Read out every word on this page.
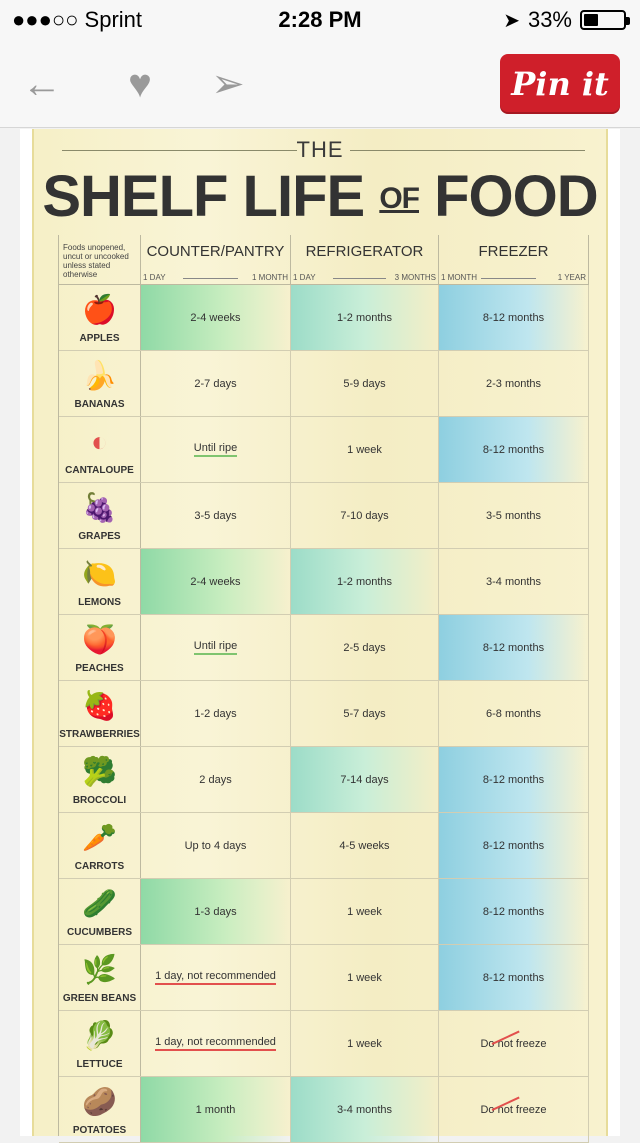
●●●○○ Sprint	2:28 PM	➤ 33%
← ♥ ➢	Pin it
THE
SHELF LIFE OF FOOD
Foods unopened, uncut or uncooked unless stated otherwise
COUNTER/PANTRY
1 DAY	1 MONTH
REFRIGERATOR
1 DAY	3 MONTHS
FREEZER
1 MONTH	1 YEAR
🍎
APPLES
2-4 weeks	1-2 months	8-12 months
🍌
BANANAS
2-7 days	5-9 days	2-3 months
◐
CANTALOUPE
Until ripe	1 week	8-12 months
🍇
GRAPES
3-5 days	7-10 days	3-5 months
🍋
LEMONS
2-4 weeks	1-2 months	3-4 months
🍑
PEACHES
Until ripe	2-5 days	8-12 months
🍓
STRAWBERRIES
1-2 days	5-7 days	6-8 months
🥦
BROCCOLI
2 days	7-14 days	8-12 months
🥕
CARROTS
Up to 4 days	4-5 weeks	8-12 months
🥒
CUCUMBERS
1-3 days	1 week	8-12 months
🌿
GREEN BEANS
1 day, not recommended	1 week	8-12 months
🥬
LETTUCE
1 day, not recommended	1 week	Do not freeze
🥔
POTATOES
1 month	3-4 months	Do not freeze
